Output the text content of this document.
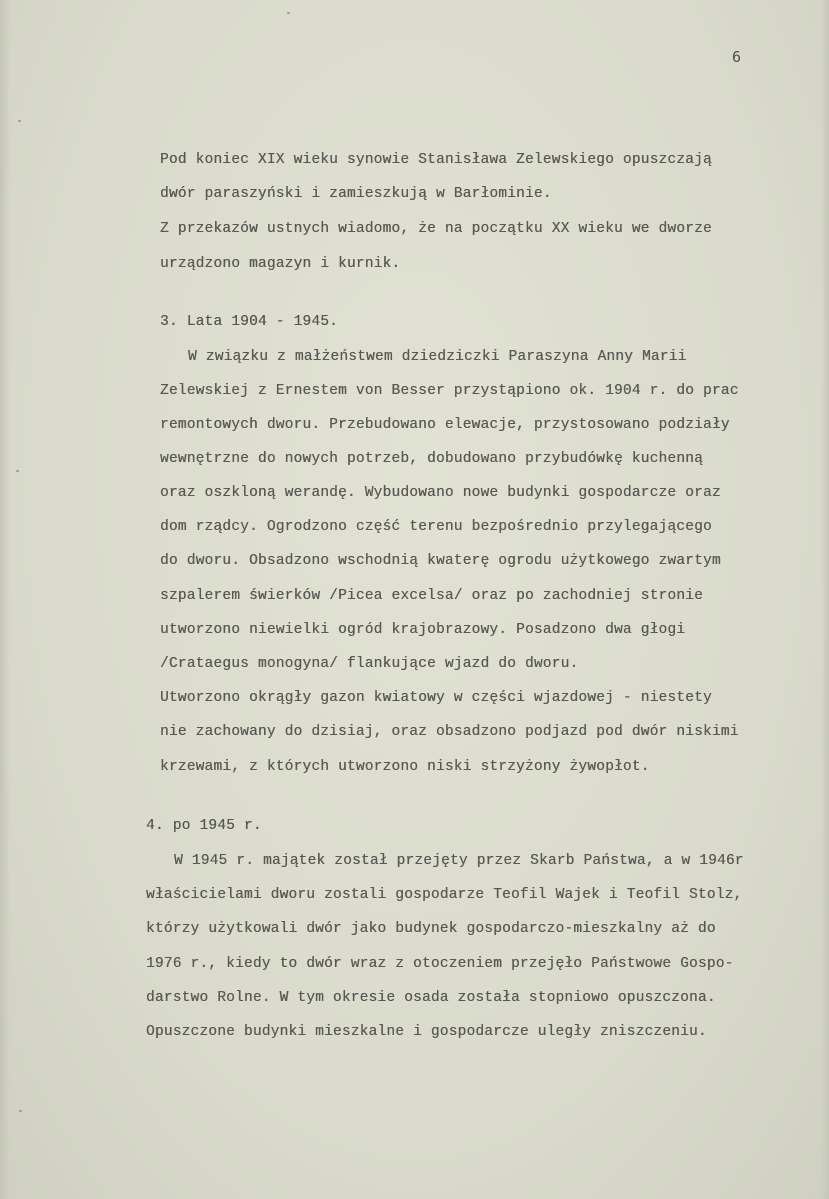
6
Pod koniec XIX wieku synowie Stanisława Zelewskiego opuszczają
dwór paraszyński i zamieszkują w Barłominie.
Z przekazów ustnych wiadomo, że na początku XX wieku we dworze
urządzono magazyn i kurnik.
3. Lata 1904 - 1945.
W związku z małżeństwem dziedziczki Paraszyna Anny Marii
Zelewskiej z Ernestem von Besser przystąpiono ok. 1904 r. do prac
remontowych dworu. Przebudowano elewacje, przystosowano podziały
wewnętrzne do nowych potrzeb, dobudowano przybudówkę kuchenną
oraz oszkloną werandę. Wybudowano nowe budynki gospodarcze oraz
dom rządcy. Ogrodzono część terenu bezpośrednio przylegającego
do dworu. Obsadzono wschodnią kwaterę ogrodu użytkowego zwartym
szpalerem świerków /Picea excelsa/ oraz po zachodniej stronie
utworzono niewielki ogród krajobrazowy. Posadzono dwa głogi
/Crataegus monogyna/ flankujące wjazd do dworu.
Utworzono okrągły gazon kwiatowy w części wjazdowej - niestety
nie zachowany do dzisiaj, oraz obsadzono podjazd pod dwór niskimi
krzewami, z których utworzono niski strzyżony żywopłot.
4. po 1945 r.
W 1945 r. majątek został przejęty przez Skarb Państwa, a w 1946r
właścicielami dworu zostali gospodarze Teofil Wajek i Teofil Stolz,
którzy użytkowali dwór jako budynek gospodarczo-mieszkalny aż do
1976 r., kiedy to dwór wraz z otoczeniem przejęło Państwowe Gospo-
darstwo Rolne. W tym okresie osada została stopniowo opuszczona.
Opuszczone budynki mieszkalne i gospodarcze uległy zniszczeniu.
